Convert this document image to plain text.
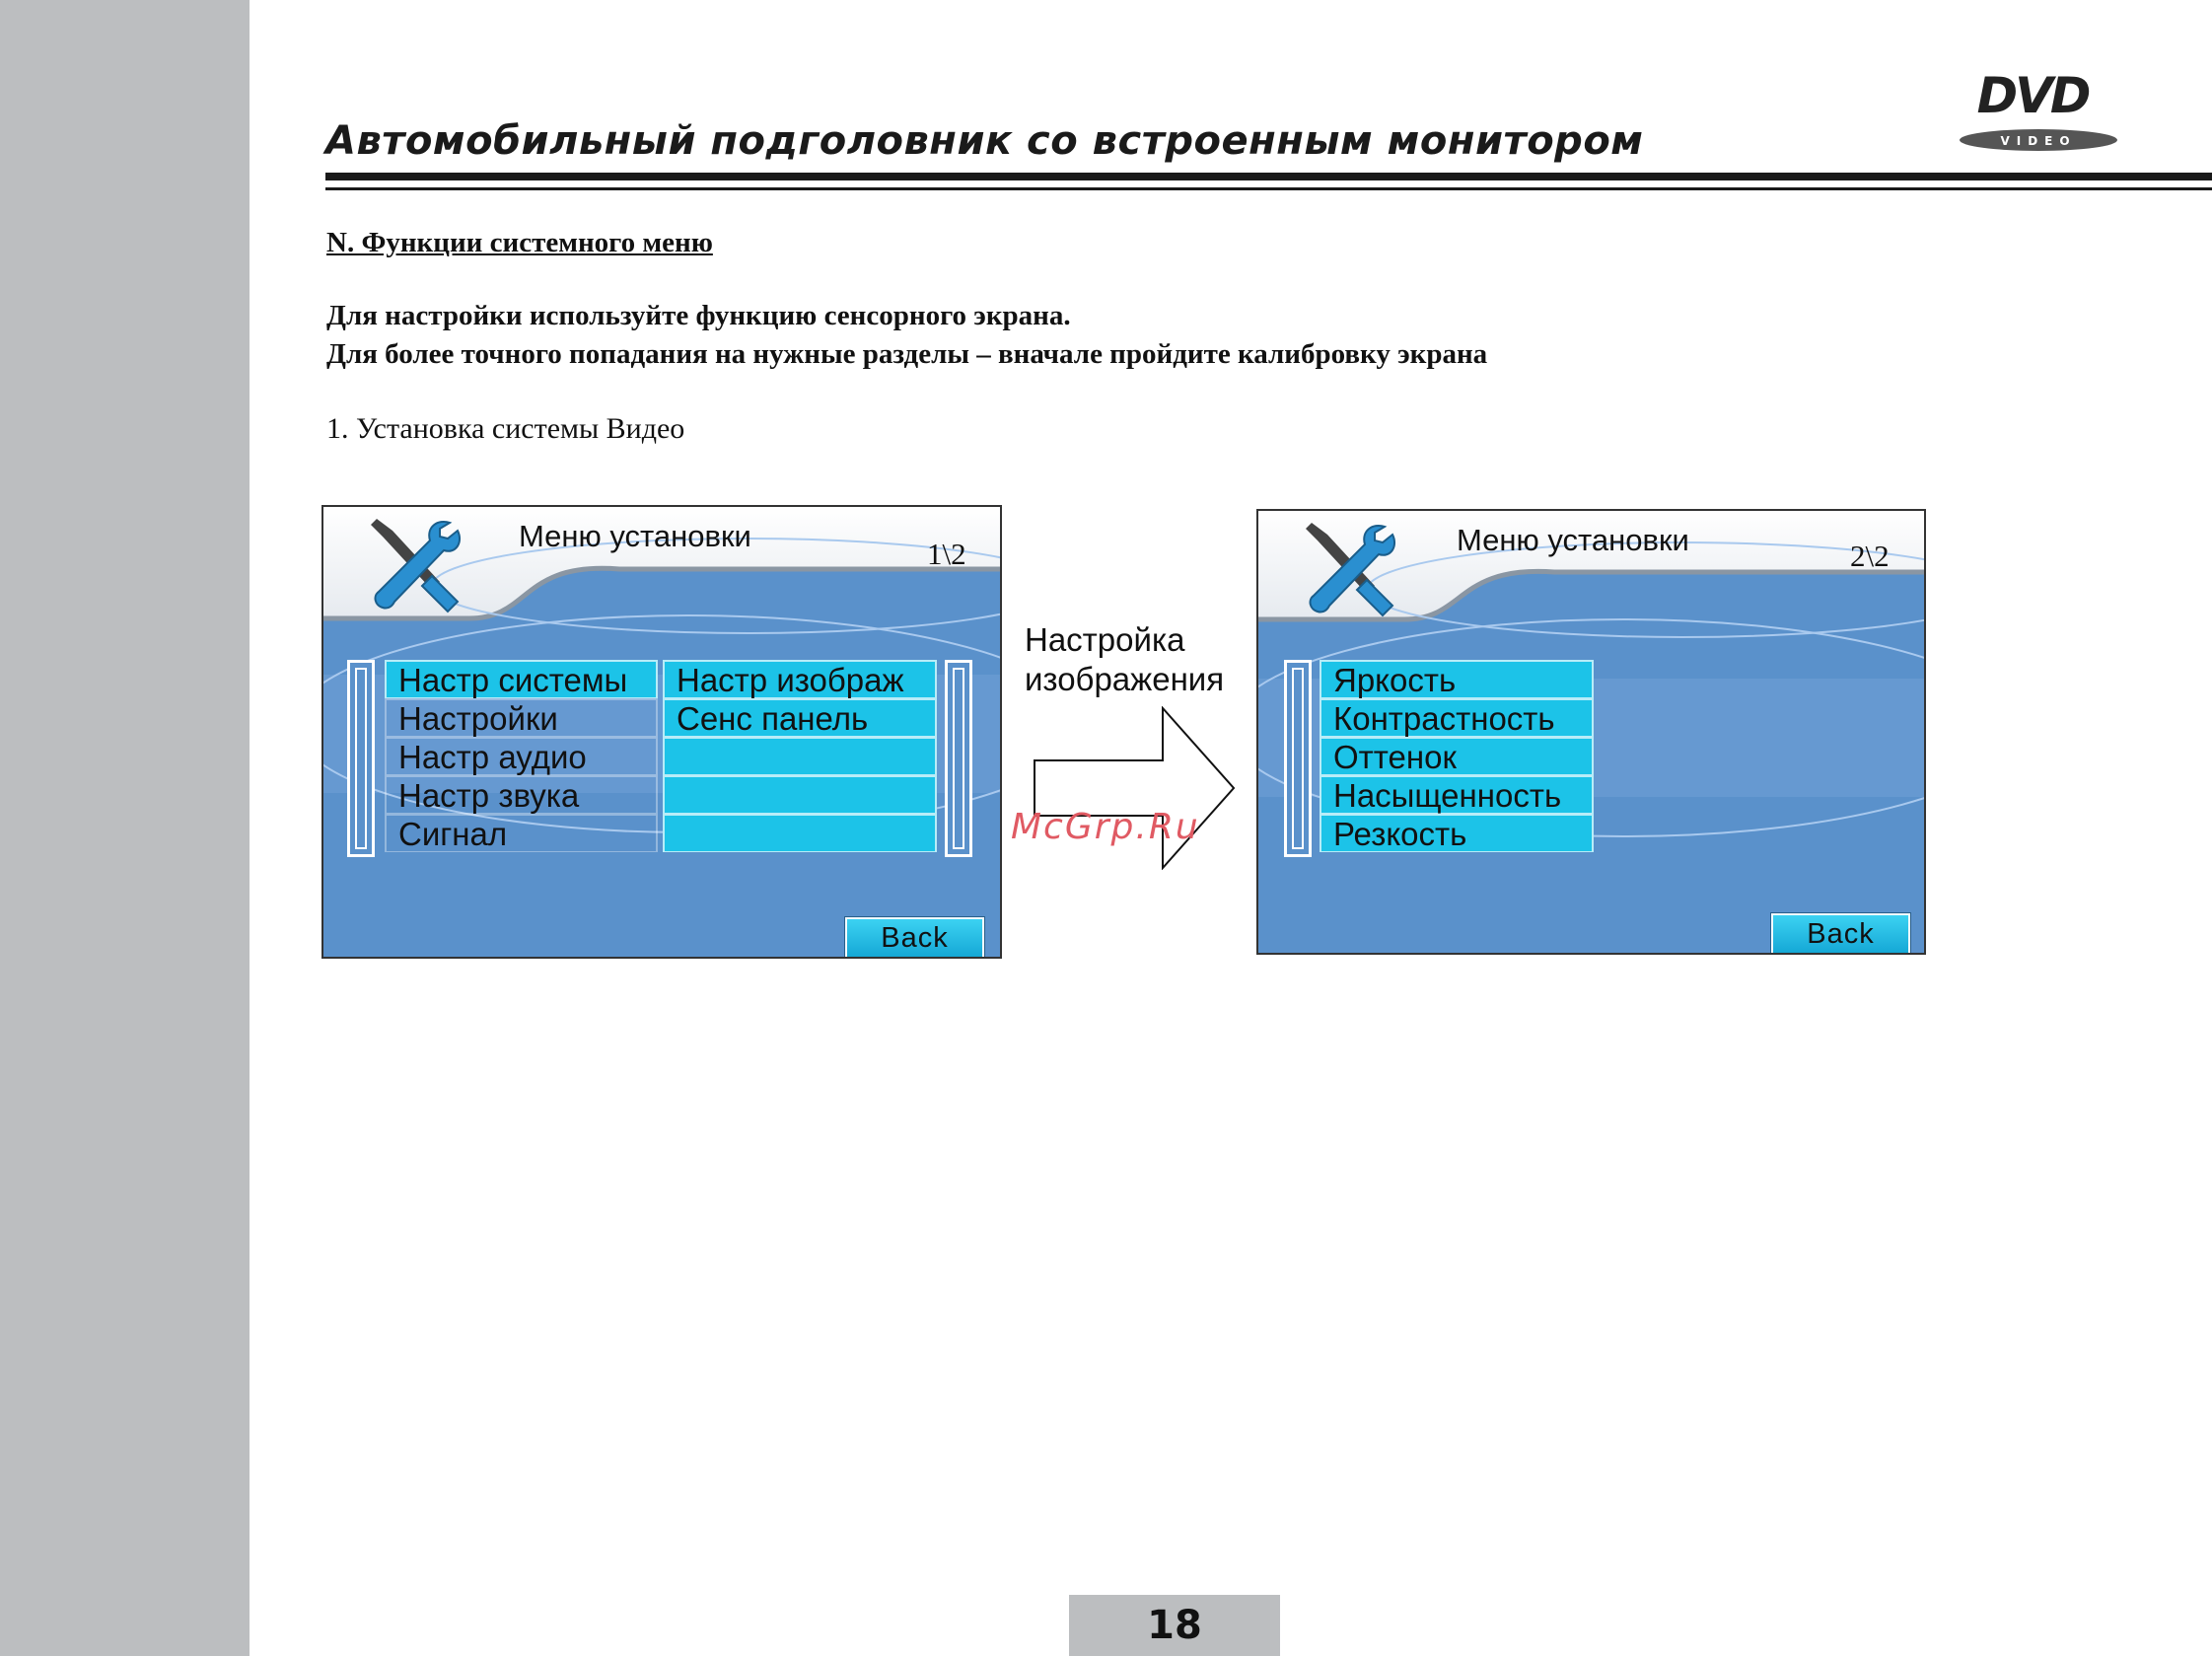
Автомобильный подголовник со встроенным монитором
DVD
VIDEO
N. Функции системного меню
Для настройки используйте функцию сенсорного экрана.
Для более точного попадания на нужные разделы – вначале пройдите калибровку экрана
1. Установка системы Видео
Меню установки
1\2
Настр системы
Настройки
Настр аудио
Настр звука
Сигнал
Настр изображ
Сенс панель
Back
Настройка
изображения
Меню установки	2\2
Яркость
Контрастность
Оттенок
Насыщенность
Резкость
Back
McGrp.Ru
18
